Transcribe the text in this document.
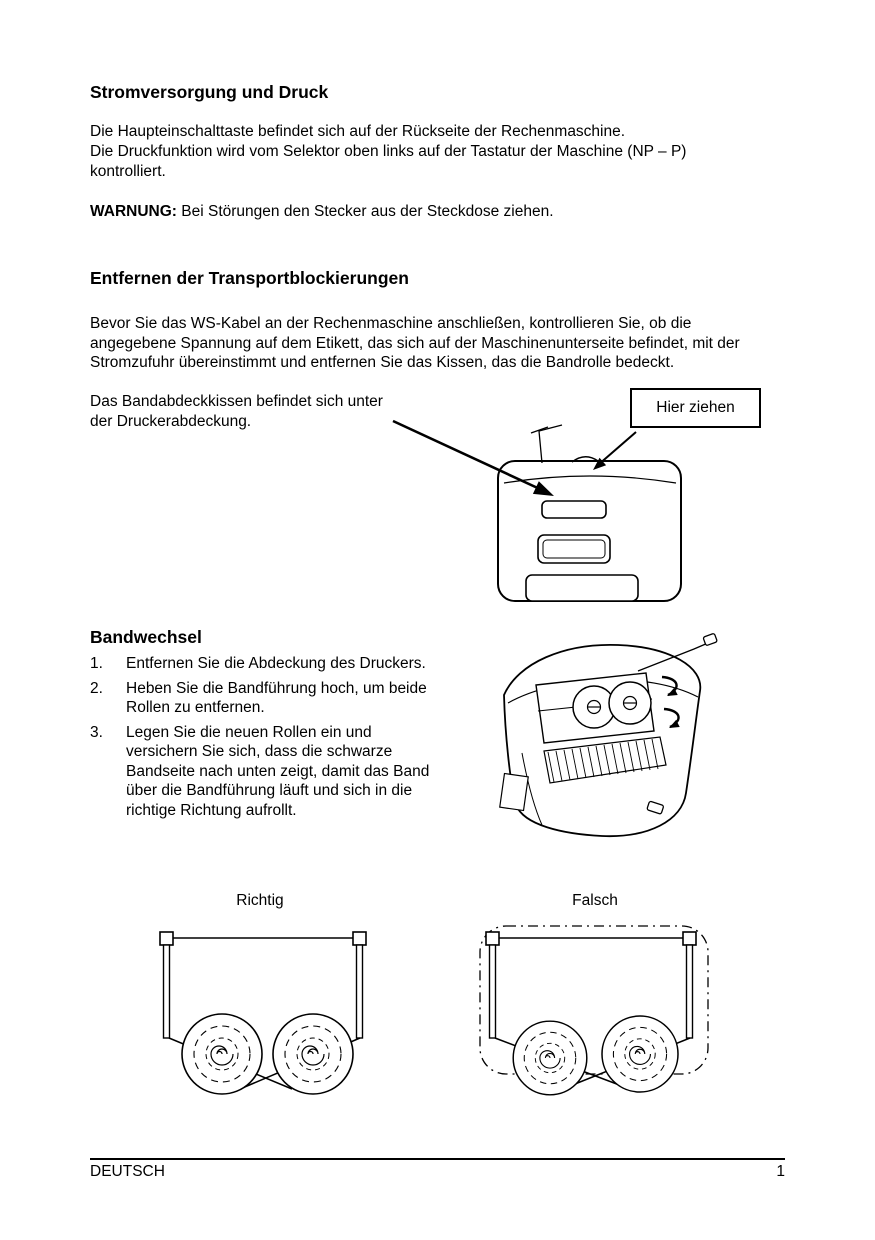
Stromversorgung und Druck
Die Haupteinschalttaste befindet sich auf der Rückseite der Rechenmaschine.
Die Druckfunktion wird vom Selektor oben links auf der Tastatur der Maschine (NP – P) kontrolliert.
WARNUNG: Bei Störungen den Stecker aus der Steckdose ziehen.
Entfernen der Transportblockierungen
Bevor Sie das WS-Kabel an der Rechenmaschine anschließen, kontrollieren Sie, ob die angegebene Spannung auf dem Etikett, das sich auf der Maschinenunterseite befindet, mit der Stromzufuhr übereinstimmt und entfernen Sie das Kissen, das die Bandrolle bedeckt.
Das Bandabdeckkissen befindet sich unter der Druckerabdeckung.
Hier ziehen
Bandwechsel
1.	Entfernen Sie die Abdeckung des Druckers.
2.	Heben Sie die Bandführung hoch, um beide Rollen zu entfernen.
3.	Legen Sie die neuen Rollen ein und versichern Sie sich, dass die schwarze Bandseite nach unten zeigt, damit das Band über die Bandführung läuft und sich in die richtige Richtung aufrollt.
Richtig	Falsch
DEUTSCH	1
